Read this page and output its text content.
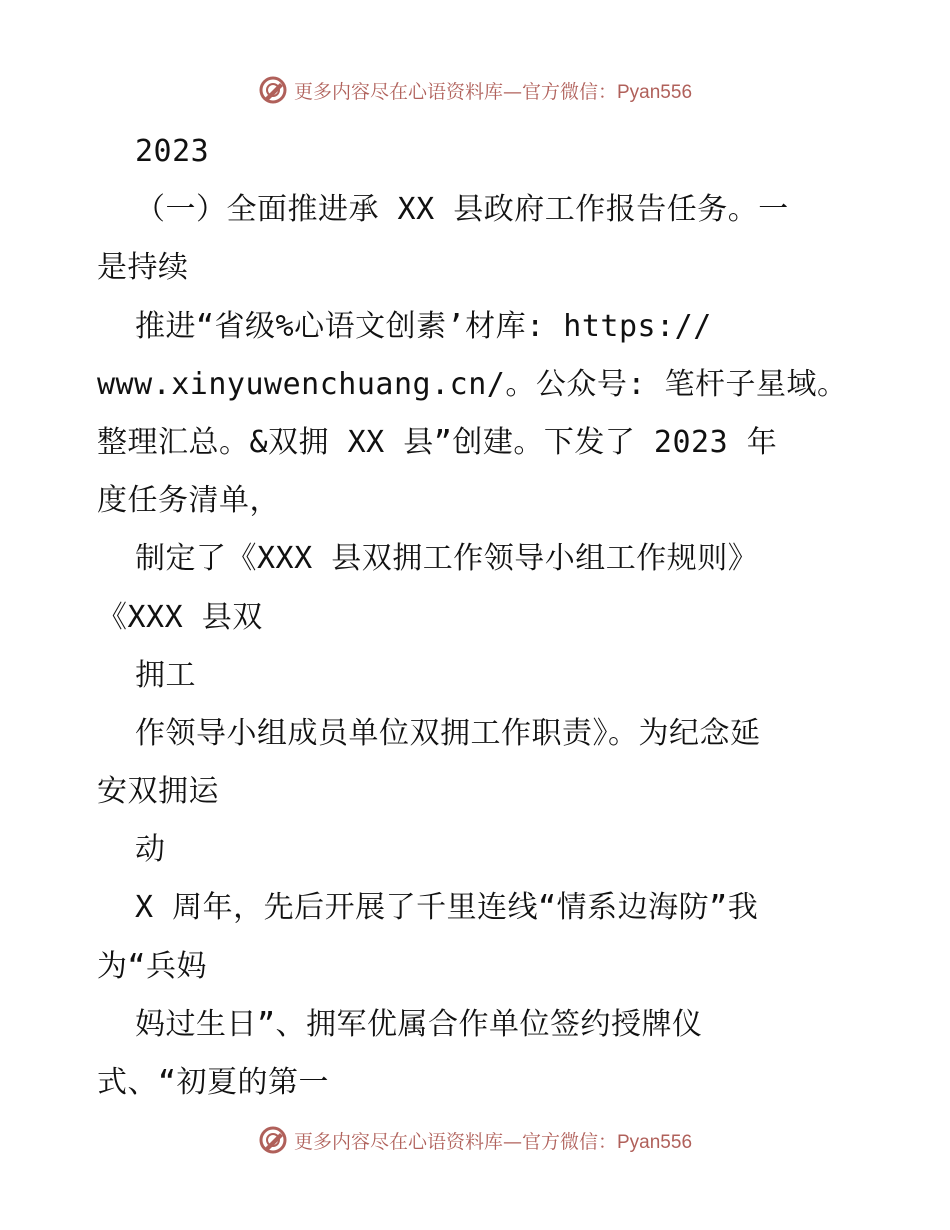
更多内容尽在心语资料库—官方微信：Pyan556
2023
（一）全面推进承 XX 县政府工作报告任务。一
是持续
推进“省级%心语文创素’材库: https://
www.xinyuwenchuang.cn/。公众号: 笔杆子星域。
整理汇总。&双拥 XX 县”创建。下发了 2023 年
度任务清单，
制定了《XXX 县双拥工作领导小组工作规则》
《XXX 县双
拥工
作领导小组成员单位双拥工作职责》。为纪念延
安双拥运
动
X 周年，先后开展了千里连线“情系边海防”我
为“兵妈
妈过生日”、拥军优属合作单位签约授牌仪
式、“初夏的第一
更多内容尽在心语资料库—官方微信：Pyan556
